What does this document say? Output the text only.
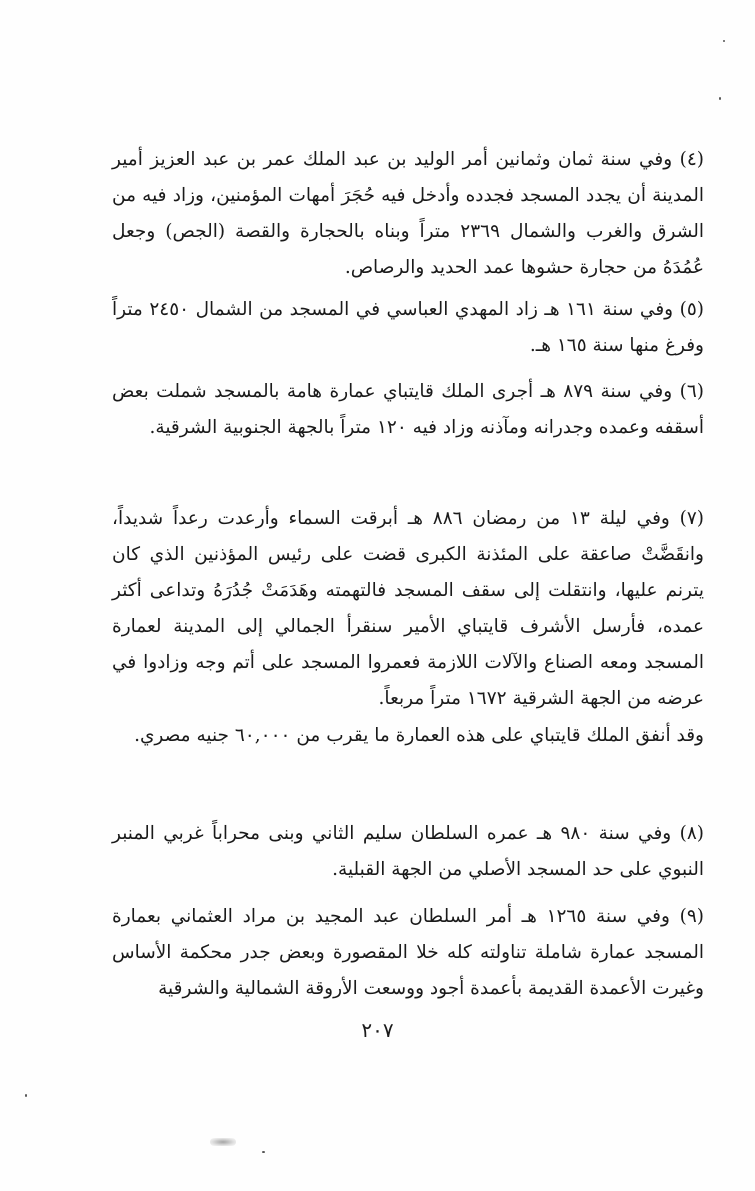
(٤) وفي سنة ثمان وثمانين أمر الوليد بن عبد الملك عمر بن عبد العزيز أمير المدينة أن يجدد المسجد فجدده وأدخل فيه حُجَرَ أمهات المؤمنين، وزاد فيه من الشرق والغرب والشمال ٢٣٦٩ متراً وبناه بالحجارة والقصة (الجص) وجعل عُمُدَهُ من حجارة حشوها عمد الحديد والرصاص.

(٥) وفي سنة ١٦١ هـ زاد المهدي العباسي في المسجد من الشمال ٢٤٥٠ متراً وفرغ منها سنة ١٦٥ هـ.

(٦) وفي سنة ٨٧٩ هـ أجرى الملك قايتباي عمارة هامة بالمسجد شملت بعض أسقفه وعمده وجدرانه ومآذنه وزاد فيه ١٢٠ متراً بالجهة الجنوبية الشرقية.

(٧) وفي ليلة ١٣ من رمضان ٨٨٦ هـ أبرقت السماء وأرعدت رعداً شديداً، وانقَضَّتْ صاعقة على المئذنة الكبرى قضت على رئيس المؤذنين الذي كان يترنم عليها، وانتقلت إلى سقف المسجد فالتهمته وهَدَمَتْ جُدُرَهُ وتداعى أكثر عمده، فأرسل الأشرف قايتباي الأمير سنقرأ الجمالي إلى المدينة لعمارة المسجد ومعه الصناع والآلات اللازمة فعمروا المسجد على أتم وجه وزادوا في عرضه من الجهة الشرقية ١٦٧٢ متراً مربعاً.

وقد أنفق الملك قايتباي على هذه العمارة ما يقرب من ٦٠,٠٠٠ جنيه مصري.

(٨) وفي سنة ٩٨٠ هـ عمره السلطان سليم الثاني وبنى محراباً غربي المنبر النبوي على حد المسجد الأصلي من الجهة القبلية.

(٩) وفي سنة ١٢٦٥ هـ أمر السلطان عبد المجيد بن مراد العثماني بعمارة المسجد عمارة شاملة تناولته كله خلا المقصورة وبعض جدر محكمة الأساس وغيرت الأعمدة القديمة بأعمدة أجود ووسعت الأروقة الشمالية والشرقية

٢٠٧
